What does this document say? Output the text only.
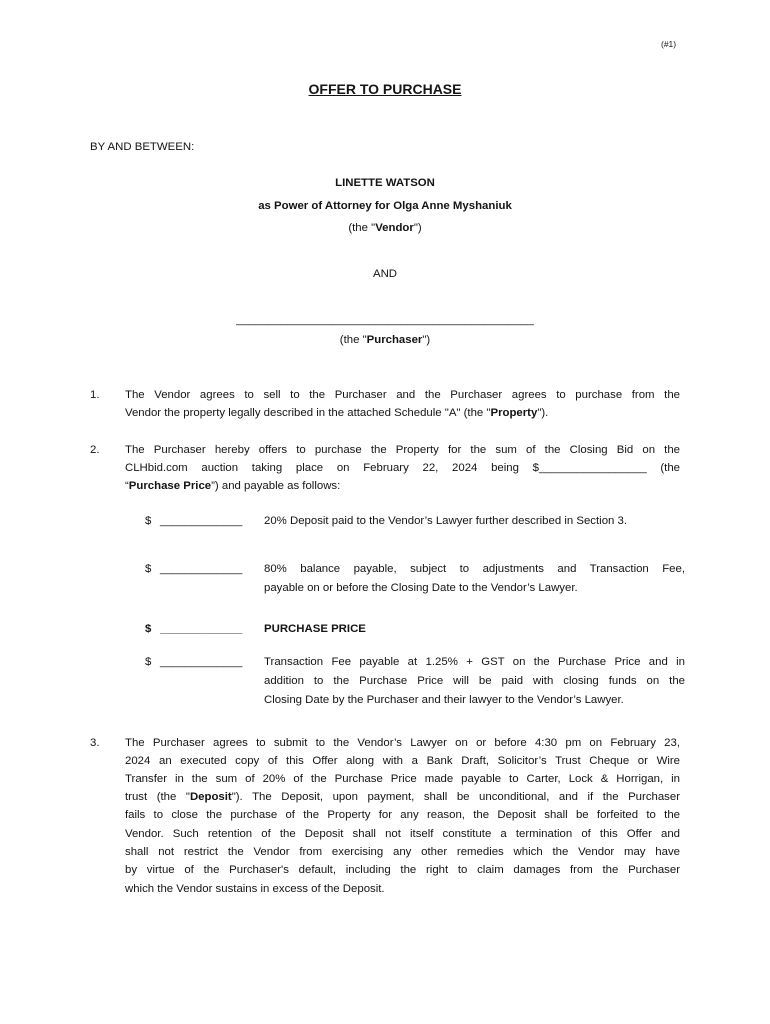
(#1)
OFFER TO PURCHASE
BY AND BETWEEN:
LINETTE WATSON
as Power of Attorney for Olga Anne Myshaniuk
(the "Vendor")
AND
_______________________________________________
(the "Purchaser")
1. The Vendor agrees to sell to the Purchaser and the Purchaser agrees to purchase from the
Vendor the property legally described in the attached Schedule "A" (the "Property").
2. The Purchaser hereby offers to purchase the Property for the sum of the Closing Bid on the
CLHbid.com auction taking place on February 22, 2024 being $_________________ (the
“Purchase Price”) and payable as follows:
$ _____________ 20% Deposit paid to the Vendor’s Lawyer further described in Section 3.
$ _____________ 80% balance payable, subject to adjustments and Transaction Fee,
payable on or before the Closing Date to the Vendor’s Lawyer.
$ _____________ PURCHASE PRICE
$ _____________ Transaction Fee payable at 1.25% + GST on the Purchase Price and in
addition to the Purchase Price will be paid with closing funds on the
Closing Date by the Purchaser and their lawyer to the Vendor’s Lawyer.
3. The Purchaser agrees to submit to the Vendor’s Lawyer on or before 4:30 pm on February 23,
2024 an executed copy of this Offer along with a Bank Draft, Solicitor’s Trust Cheque or Wire
Transfer in the sum of 20% of the Purchase Price made payable to Carter, Lock & Horrigan, in
trust (the "Deposit"). The Deposit, upon payment, shall be unconditional, and if the Purchaser
fails to close the purchase of the Property for any reason, the Deposit shall be forfeited to the
Vendor. Such retention of the Deposit shall not itself constitute a termination of this Offer and
shall not restrict the Vendor from exercising any other remedies which the Vendor may have
by virtue of the Purchaser's default, including the right to claim damages from the Purchaser
which the Vendor sustains in excess of the Deposit.
